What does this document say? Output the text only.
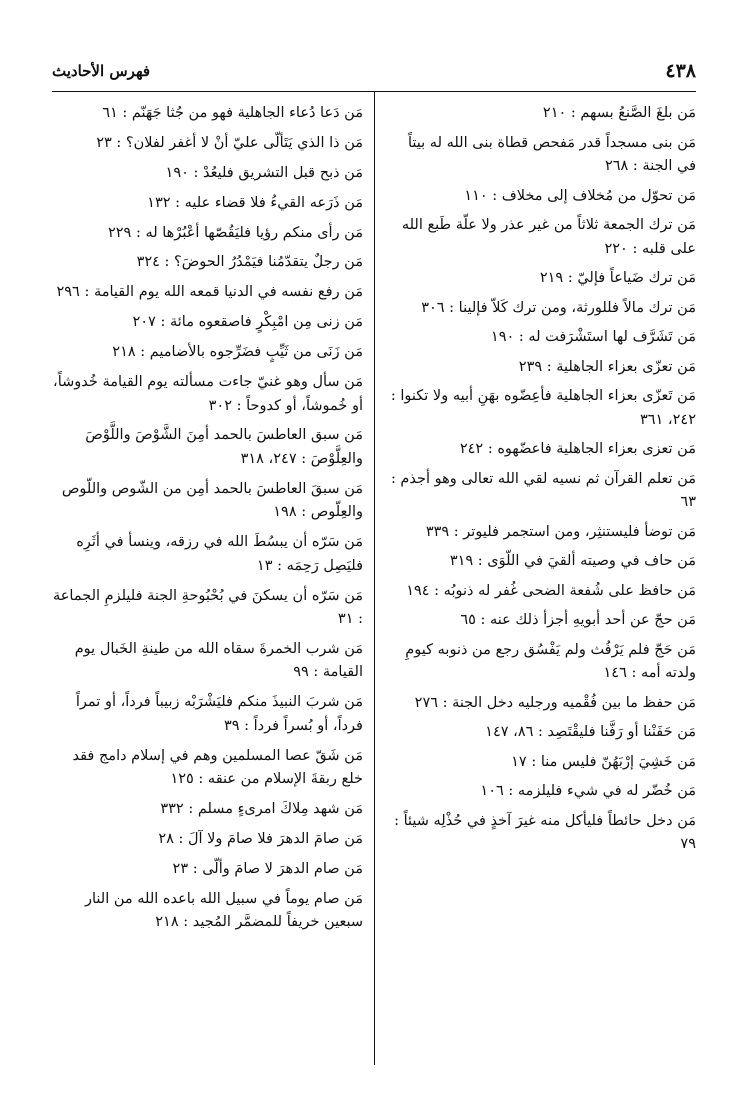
٤٣٨
فهرس الأحاديث

مَن بلغَ الصَّنعُ بسهم : ٢١٠

مَن بنى مسجداً قدر مَفحص قطاة بنى الله له بيتاً في الجنة : ٢٦٨

مَن تحوّل من مُخلاف إلى مخلاف : ١١٠

مَن ترك الجمعة ثلاثاً من غير عذر ولا علّة طَبع الله على قلبه : ٢٢٠

مَن ترك ضَياعاً فإليّ : ٢١٩

مَن ترك مالاً فللورثة، ومن ترك كَلاّ فإلينا : ٣٠٦

مَن تَشَرَّف لها استَشْرَفت له : ١٩٠

مَن تعزّى بعزاء الجاهلية : ٢٣٩

مَن تَعزّى بعزاء الجاهلية فأعِضّوه بهَنِ أبيه ولا تكنوا : ٢٤٢، ٣٦١

مَن تعزى بعزاء الجاهلية فاعضّهوه : ٢٤٢

مَن تعلم القرآن ثم نسيه لقي الله تعالى وهو أجذم : ٦٣

مَن توضأ فليستنثِر، ومن استجمر فليوتر : ٣٣٩

مَن حاف في وصيته ألقيَ في اللّوَى : ٣١٩

مَن حافظ على شُفعة الضحى غُفر له ذنوبُه : ١٩٤

مَن حجّ عن أحد أبويهِ أجزأ ذلك عنه : ٦٥

مَن حَجّ فلم يَرْفُث ولم يَفْسُق رجع من ذنوبه كيومِ ولدته أمه : ١٤٦

مَن حفظ ما بين فُقْميه ورجليه دخل الجنة : ٢٧٦

مَن حَفَنْنا أو رَفَّنا فليقْتَصِد : ٨٦، ١٤٧

مَن خَشِيَ إرْبَهُنّ فليس منا : ١٧

مَن خُضّر له في شيء فليلزمه : ١٠٦

مَن دخل حائطاً فليأكل منه غيرَ آخذٍ في حُذْلِه شيئاً : ٧٩

مَن دَعا دُعاء الجاهلية فهو من جُثا جَهَنّم : ٦١

مَن ذا الذي يَتَألّى عليّ أنْ لا أغفر لفلان؟ : ٢٣

مَن ذبح قبل التشريق فليعُدْ : ١٩٠

مَن ذَرَعه القيءُ فلا قضاء عليه : ١٣٢

مَن رأى منكم رؤيا فليَقُصّها أعْبُرْها له : ٢٢٩

مَن رجلٌ يتقدّمُنا فيَمْدُرُ الحوضَ؟ : ٣٢٤

مَن رفع نفسه في الدنيا قمعه الله يوم القيامة : ٢٩٦

مَن زنى مِن امْبِكْرٍ فاصقعوه مائة : ٢٠٧

مَن زَنَى من ثَيِّبٍ فضَرِّجوه بالأضاميم : ٢١٨

مَن سأل وهو غنيّ جاءت مسألته يوم القيامة خُدوشاً، أو خُموشاً، أو كدوحاً : ٣٠٢

مَن سبق العاطسَ بالحمد أمِنَ الشَّوْصَ واللَّوْصَ والعِلَّوْصَ : ٢٤٧، ٣١٨

مَن سبقَ العاطسَ بالحمد أمِن من الشّوص واللّوص والعِلّوص : ١٩٨

مَن سَرّه أن يبسُطَ الله في رزقه، وينسأ في أثَرِه فليَصِل رَحِمَه : ١٣

مَن سَرّه أن يسكنَ في بُحْبُوحةِ الجنة فليلزمِ الجماعة : ٣١

مَن شرب الخمرةَ سقاه الله من طينةِ الخَبال يوم القيامة : ٩٩

مَن شربَ النبيذَ منكم فليَشْرَبْه زبيباً فرداً، أو تمراً فرداً، أو بُسراً فرداً : ٣٩

مَن شَقّ عصا المسلمين وهم في إسلام دامج فقد خلع ربقةَ الإسلام من عنقه : ١٢٥

مَن شهد مِلاكَ امرىءٍ مسلم : ٣٣٢

مَن صامَ الدهرَ فلا صامَ ولا آلَ : ٢٨

مَن صام الدهرَ لا صامَ وألّى : ٢٣

مَن صام يوماً في سبيل الله باعده الله من النار سبعين خريفاً للمضمَّر المُجيد : ٢١٨
